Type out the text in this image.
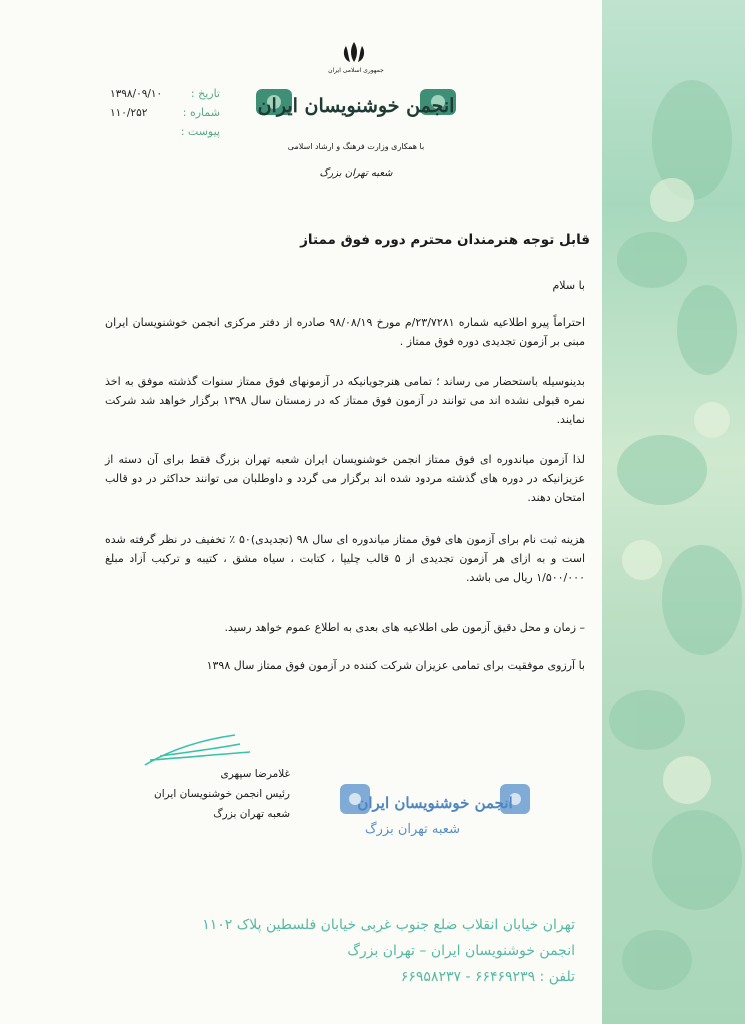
تاریخ :
۱۳۹۸/۰۹/۱۰
شماره :
۱۱۰/۲۵۲
پیوست :
جمهوری اسلامی ایران
انجمن خوشنویسان ایران
با همکاری وزارت فرهنگ و ارشاد اسلامی
شعبه تهران بزرگ
قابل توجه هنرمندان محترم دوره فوق ممتاز
با سلام
احتراماً پیرو اطلاعیه شماره ۲۳/۷۲۸۱/م مورخ ۹۸/۰۸/۱۹ صادره از دفتر مرکزی انجمن خوشنویسان ایران مبنی بر آزمون تجدیدی دوره فوق ممتاز .
بدینوسیله باستحضار می رساند ؛ تمامی هنرجویانیکه در آزمونهای فوق ممتاز سنوات گذشته موفق به اخذ نمره قبولی نشده اند می توانند در آزمون فوق ممتاز که در زمستان سال ۱۳۹۸ برگزار خواهد شد شرکت نمایند.
لذا آزمون میاندوره ای فوق ممتاز انجمن خوشنویسان ایران شعبه تهران بزرگ فقط برای آن دسته از عزیزانیکه در دوره های گذشته مردود شده اند برگزار می گردد و داوطلبان می توانند حداکثر در دو قالب امتحان دهند.
هزینه ثبت نام برای آزمون های فوق ممتاز میاندوره ای سال ۹۸ (تجدیدی)۵۰ ٪ تخفیف در نظر گرفته شده است و به ازای هر آزمون تجدیدی از ۵ قالب چلیپا ، کتابت ، سیاه مشق ، کتیبه و ترکیب آزاد مبلغ ۱/۵۰۰/۰۰۰ ریال می باشد.
– زمان و محل دقیق آزمون طی اطلاعیه های بعدی به اطلاع عموم خواهد رسید.
با آرزوی موفقیت برای تمامی عزیزان شرکت کننده در آزمون فوق ممتاز سال ۱۳۹۸
غلامرضا سپهری
رئیس انجمن خوشنویسان ایران
شعبه تهران بزرگ
انجمن خوشنویسان ایران
شعبه تهران بزرگ
تهران خیابان انقلاب ضلع جنوب غربی خیابان فلسطین پلاک ۱۱۰۲
انجمن خوشنویسان ایران – تهران بزرگ
تلفن : ۶۶۴۶۹۲۳۹ - ۶۶۹۵۸۲۳۷
